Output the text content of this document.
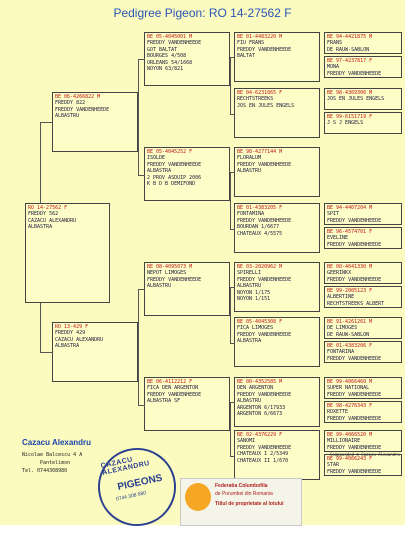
Pedigree Pigeon: RO 14-27562 F
RO 14-27562 F
FREDDY 562
CAZACU ALEXANDRU
ALBASTRA
BE 06-4266822 M
FREDDY 822
FREDDY VANDENHEEDE
ALBASTRU
RO 13-429 F
FREDDY 429
CAZACU ALEXANDRU
ALBASTRA
BE 05-4045001 M
FREDDY VANDENHEEDE
GOT BALTAT
BOURGES 4/508
ORLEANS 54/1668
NOYON 63/821
BE 05-4045252 F
ISOLDE
FREDDY VANDENHEEDE
ALBASTRA
2 PROV ASDUIP 2006
K B D B DEMIFOND
BE 08-4095073 M
NEPOT LIMOGES
FREDDY VANDENHEEDE
ALBASTRU
BE 06-4112212 F
FICA DEN ARGENTON
FREDDY VANDENHEEDE
ALBASTRA SF
BE 01-4483220 M
FIU FRANS
FREDDY VANDENHEEDE
BALTAT
BE 04-6231865 F
RECHTSTREEKS
JOS EN JULES ENGELS
BE 98-4277144 M
FLORALUM
FREDDY VANDENHEEDE
ALBASTRU
BE 01-4383205 F
FONTAMINA
FREDDY VANDENHEEDE
BOURDAN 1/6677
CHATEAUX 4/5575
BE 03-2020962 M
SPIRELLI
FREDDY VANDENHEEDE
ALBASTRU
NOYON 1/175
NOYON 1/151
BE 05-4045308 F
FICA LIMOGES
FREDDY VANDENHEEDE
ALBASTRA
BE 00-4352585 M
DEN ARGENTON
FREDDY VANDENHEEDE
ALBASTRU
ARGENTON 6/17933
ARGENTON 6/6673
BE 02-4376229 F
SANOMI
FREDDY VANDENHEEDE
CHATEAUX I 2/5349
CHATEAUX II 1/670
BE 94-4421875 M
FRANS
DE RAUW-SABLON
BE 97-4237817 F
MONA
FREDDY VANDENHEEDE
BE 98-4369306 M
JOS EN JULES ENGELS
BE 99-6151719 F
J S J ENGELS
BE 94-4407204 M
SPIT
FREDDY VANDENHEEDE
BE 96-4574701 F
EVELINE
FREDDY VANDENHEEDE
BE 00-4041330 M
GEERINKX
FREDDY VANDENHEEDE
BE 99-2005123 F
ALBERTINE
RECHTSTREEKS ALBERT
BE 91-4261261 M
DE LIMOGES
DE RAUW-SABLON
BE 01-4383206 F
FONTARINA
FREDDY VANDENHEEDE
BE 99-4066460 M
SUPER NATIONAL
FREDDY VANDENHEEDE
BE 98-4276343 F
ROXETTE
FREDDY VANDENHEEDE
BE 99-4066520 M
MILLIONAIRE
FREDDY VANDENHEEDE
BE 99-4066243 F
STAR
FREDDY VANDENHEEDE
Cazacu Alexandru
Nicolae Balcescu 4 A
Pantelimon
Tel. 0744308980
CAZACU ALEXANDRU
PIGEONS
0744 308 980
Federatia Columbofila
de Porumbei din Romania
Titlul de proprietate al lotului
Compounded © Cazacu Alexandru
